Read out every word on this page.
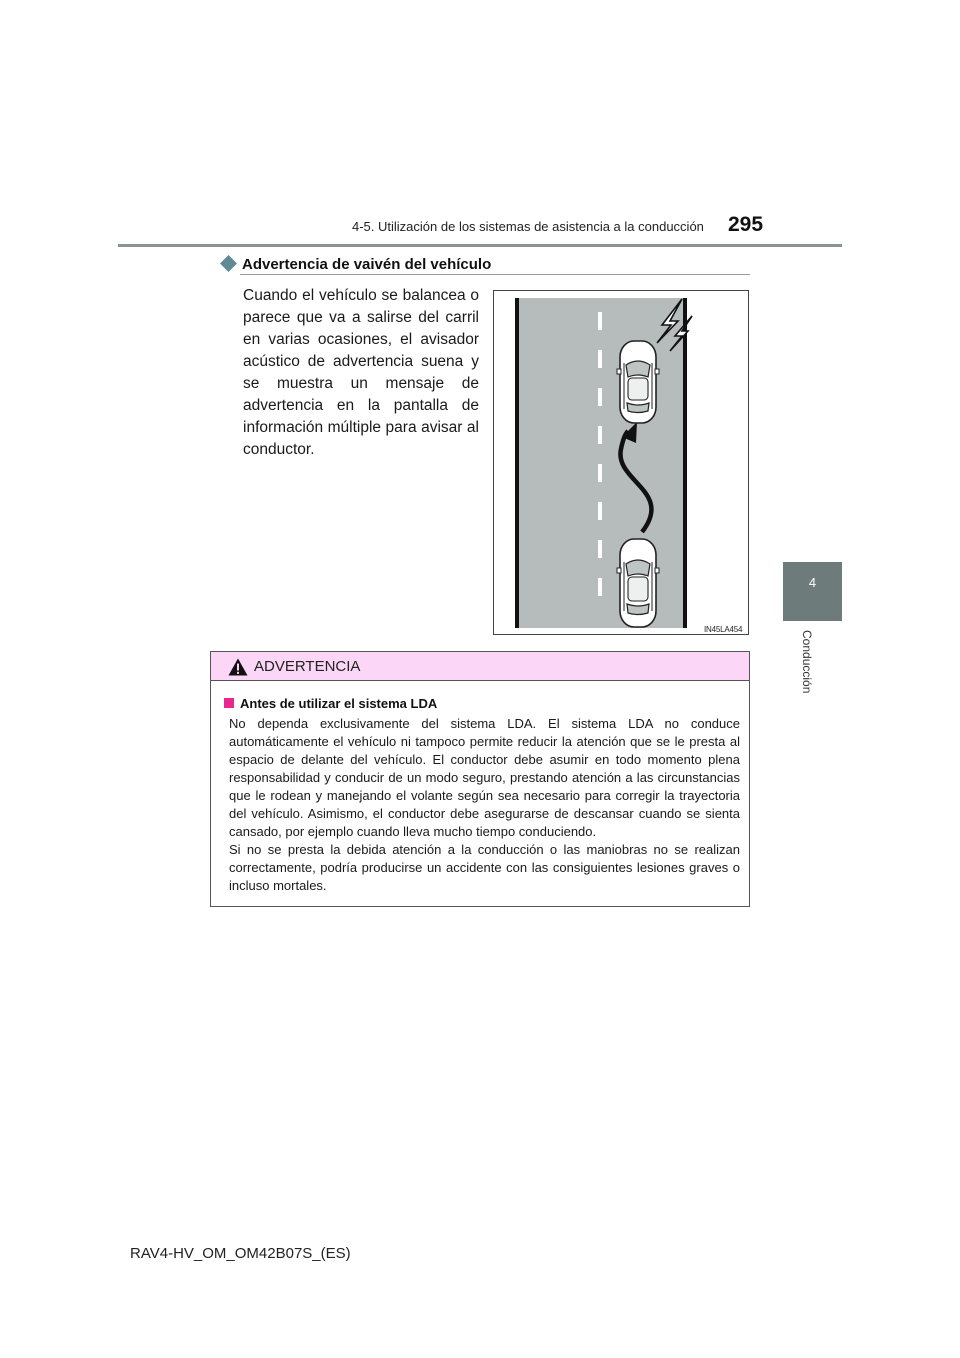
4-5. Utilización de los sistemas de asistencia a la conducción 295
4
Conducción
Advertencia de vaivén del vehículo
Cuando el vehículo se balancea o parece que va a salirse del carril en varias ocasiones, el avisador acústico de advertencia suena y se muestra un mensaje de advertencia en la pantalla de información múltiple para avisar al conductor.
IN45LA454
ADVERTENCIA
Antes de utilizar el sistema LDA

No dependa exclusivamente del sistema LDA. El sistema LDA no conduce automáticamente el vehículo ni tampoco permite reducir la atención que se le presta al espacio de delante del vehículo. El conductor debe asumir en todo momento plena responsabilidad y conducir de un modo seguro, prestando atención a las circunstancias que le rodean y manejando el volante según sea necesario para corregir la trayectoria del vehículo. Asimismo, el conductor debe asegurarse de descansar cuando se sienta cansado, por ejemplo cuando lleva mucho tiempo conduciendo.

Si no se presta la debida atención a la conducción o las maniobras no se realizan correctamente, podría producirse un accidente con las consiguientes lesiones graves o incluso mortales.

RAV4-HV_OM_OM42B07S_(ES)
